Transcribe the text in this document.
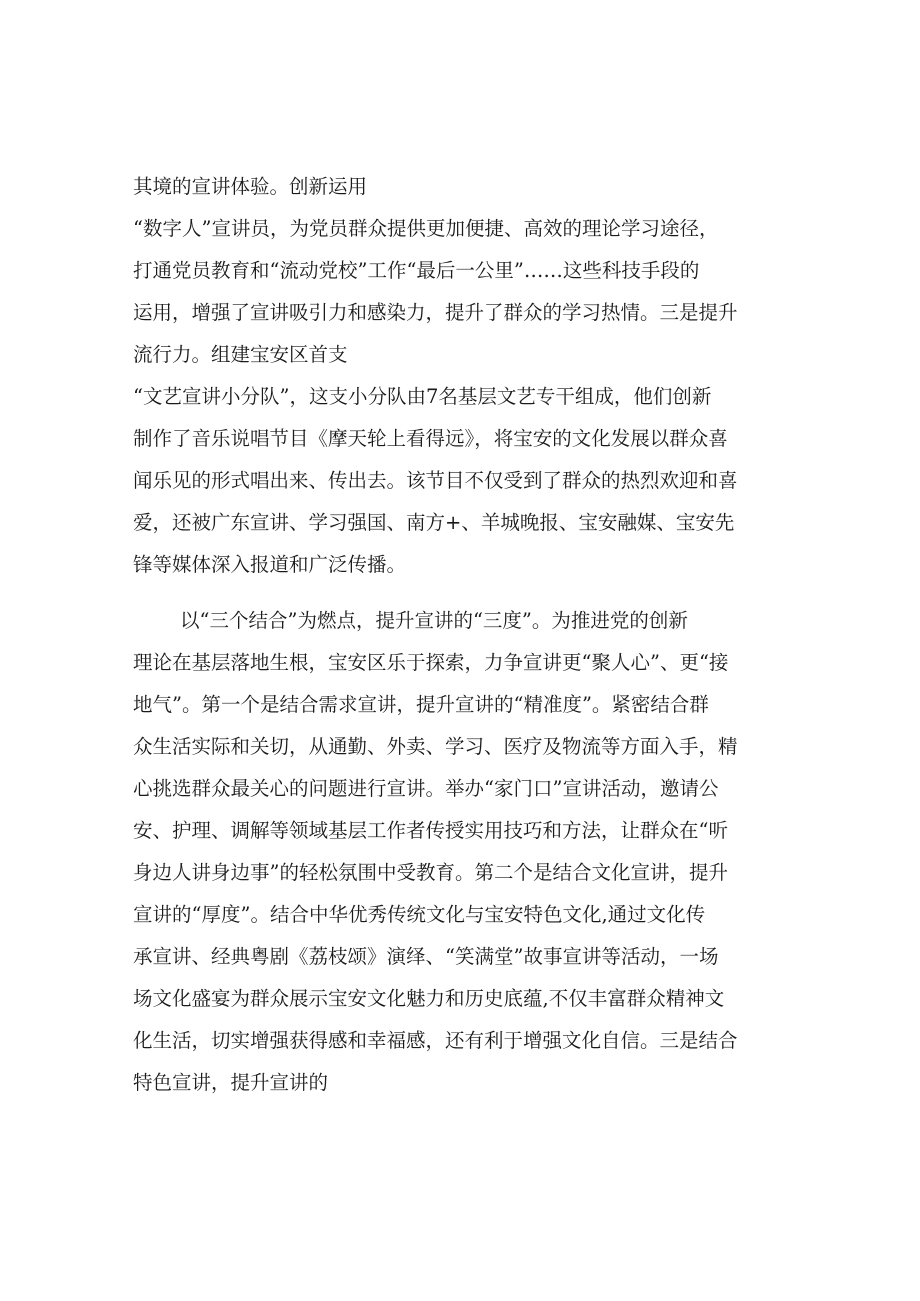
其境的宣讲体验。创新运用

“数字人”宣讲员，为党员群众提供更加便捷、高效的理论学习途径，

打通党员教育和“流动党校”工作“最后一公里”……这些科技手段的

运用，增强了宣讲吸引力和感染力，提升了群众的学习热情。三是提升

流行力。组建宝安区首支

“文艺宣讲小分队”，这支小分队由7名基层文艺专干组成，他们创新

制作了音乐说唱节目《摩天轮上看得远》，将宝安的文化发展以群众喜

闻乐见的形式唱出来、传出去。该节目不仅受到了群众的热烈欢迎和喜

爱，还被广东宣讲、学习强国、南方+、羊城晚报、宝安融媒、宝安先

锋等媒体深入报道和广泛传播。

以“三个结合”为燃点，提升宣讲的“三度”。为推进党的创新

理论在基层落地生根，宝安区乐于探索，力争宣讲更“聚人心”、更“接

地气”。第一个是结合需求宣讲，提升宣讲的“精准度”。紧密结合群

众生活实际和关切，从通勤、外卖、学习、医疗及物流等方面入手，精

心挑选群众最关心的问题进行宣讲。举办“家门口”宣讲活动，邀请公

安、护理、调解等领域基层工作者传授实用技巧和方法，让群众在“听

身边人讲身边事”的轻松氛围中受教育。第二个是结合文化宣讲，提升

宣讲的“厚度”。结合中华优秀传统文化与宝安特色文化,通过文化传

承宣讲、经典粤剧《荔枝颂》演绎、“笑满堂”故事宣讲等活动，一场

场文化盛宴为群众展示宝安文化魅力和历史底蕴,不仅丰富群众精神文

化生活，切实增强获得感和幸福感，还有利于增强文化自信。三是结合

特色宣讲，提升宣讲的
